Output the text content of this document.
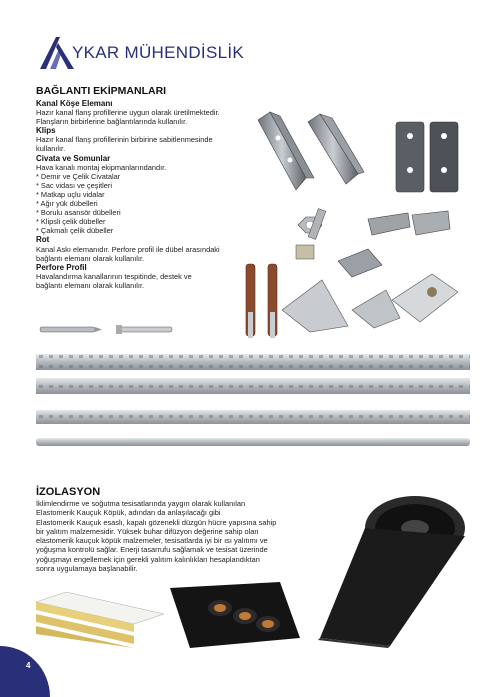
YKAR MÜHENDİSLİK
BAĞLANTI EKİPMANLARI
Kanal Köşe Elemanı
Hazır kanal flanş profillerine uygun olarak üretilmektedir.
Flanşların birbirlerine bağlantılarında kullanılır.
Klips
Hazır kanal flanş profillerinin birbirine sabitlenmesinde
kullanılır.
Civata ve Somunlar
Hava kanalı montaj ekipmanlarındandır.
* Demir ve Çelik Civatalar
* Sac vidası ve çeşitleri
* Matkap uçlu vidalar
* Ağır yük dübelleri
* Borulu asansör dübelleri
* Klipsli çelik dübeller
* Çakmalı çelik dübeller
Rot
Kanal Askı elemanıdır. Perfore profil ile dübel arasındaki
bağlantı elemanı olarak kullanılır.
Perfore Profil
Havalandırma kanallarının tespitinde, destek ve
bağlantı elemanı olarak kullanılır.
İZOLASYON
İklimlendirme ve soğutma tesisatlarında yaygın olarak kullanılan
Elastomerik Kauçuk Köpük, adından da anlaşılacağı gibi
Elastomerik Kauçuk esaslı, kapalı gözenekli düzgün hücre yapısına sahip
bir yalıtım malzemesidir. Yüksek buhar difüzyon değerine sahip olan
elastomerik kauçuk köpük malzemeler, tesisatlarda iyi bir ısı yalıtımı ve
yoğuşma kontrolü sağlar. Enerji tasarrufu sağlamak ve tesisat üzerinde
yoğuşmayı engellemek için gerekli yalıtım kalınlıkları hesaplandıktan
sonra uygulamaya başlanabilir.
4
